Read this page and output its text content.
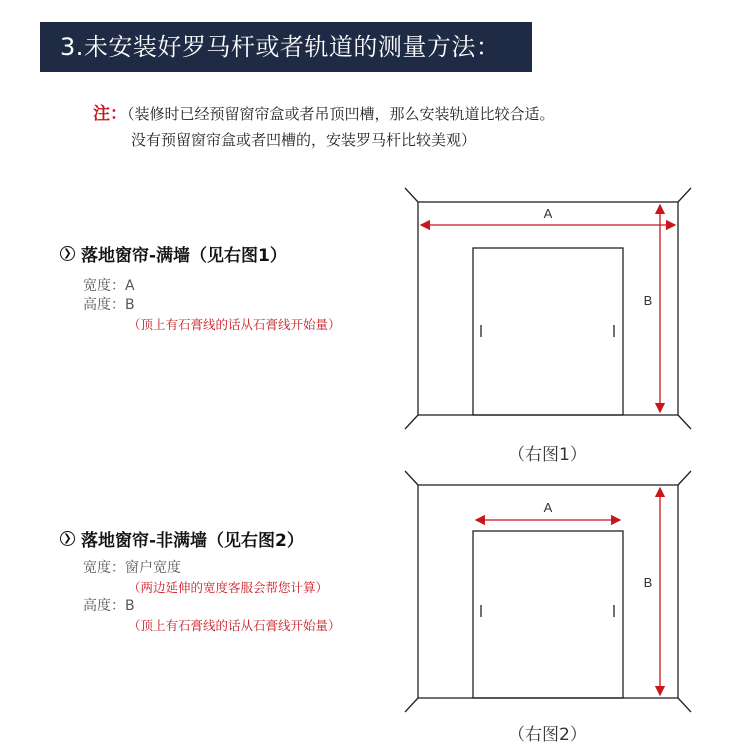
3.未安装好罗马杆或者轨道的测量方法：
注：（装修时已经预留窗帘盒或者吊顶凹槽，那么安装轨道比较合适。
没有预留窗帘盒或者凹槽的，安装罗马杆比较美观）
❯ 落地窗帘-满墙（见右图1）
宽度：A
高度：B
（顶上有石膏线的话从石膏线开始量）
❯ 落地窗帘-非满墙（见右图2）
宽度：窗户宽度
（两边延伸的宽度客服会帮您计算）
高度：B
（顶上有石膏线的话从石膏线开始量）
A
B
A
B
（右图1）
（右图2）
